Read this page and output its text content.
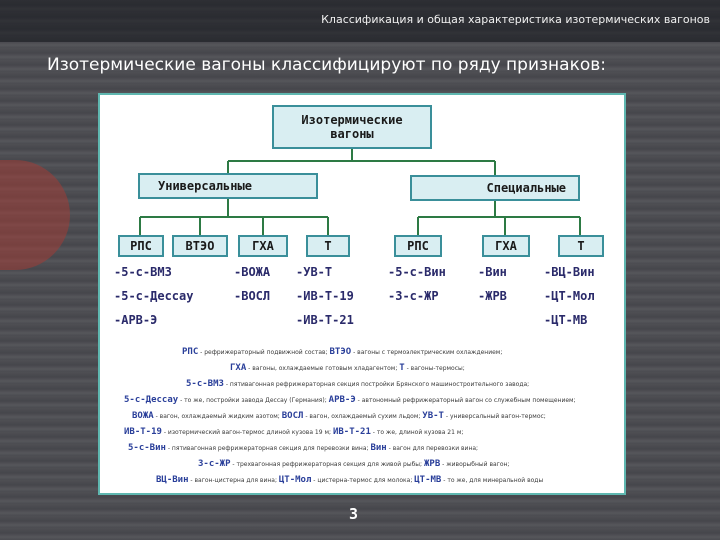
Классификация и общая характеристика изотермических вагонов
Изотермические вагоны классифицируют по ряду признаков:
Изотермические
вагоны
Универсальные	Специальные
РПС	ВТЭО	ГХА	Т	РПС	ГХА	Т
-5-с-ВМЗ
-5-с-Дессау
-АРВ-Э
-ВОЖА
-ВОСЛ
-УВ-Т
-ИВ-Т-19
-ИВ-Т-21
-5-с-Вин
-3-с-ЖР
-Вин
-ЖРВ
-ВЦ-Вин
-ЦТ-Мол
-ЦТ-МВ
РПС - рефрижераторный подвижной состав; ВТЭО - вагоны с термоэлектрическим охлаждением;
ГХА - вагоны, охлаждаемые готовым хладагентом; Т - вагоны-термосы;
5-с-ВМЗ - пятивагонная рефрижераторная секция постройки Брянского машиностроительного завода;
5-с-Дессау - то же, постройки завода Дессау (Германия); АРВ-Э - автономный рефрижераторный вагон со служебным помещением;
ВОЖА - вагон, охлаждаемый жидким азотом; ВОСЛ - вагон, охлаждаемый сухим льдом; УВ-Т - универсальный вагон-термос;
ИВ-Т-19 - изотермический вагон-термос длиной кузова 19 м; ИВ-Т-21 - то же, длиной кузова 21 м;
5-с-Вин - пятивагонная рефрижераторная секция для перевозки вина; Вин - вагон для перевозки вина;
3-с-ЖР - трехвагонная рефрижераторная секция для живой рыбы; ЖРВ - живорыбный вагон;
ВЦ-Вин - вагон-цистерна для вина; ЦТ-Мол - цистерна-термос для молока; ЦТ-МВ - то же, для минеральной воды
3
